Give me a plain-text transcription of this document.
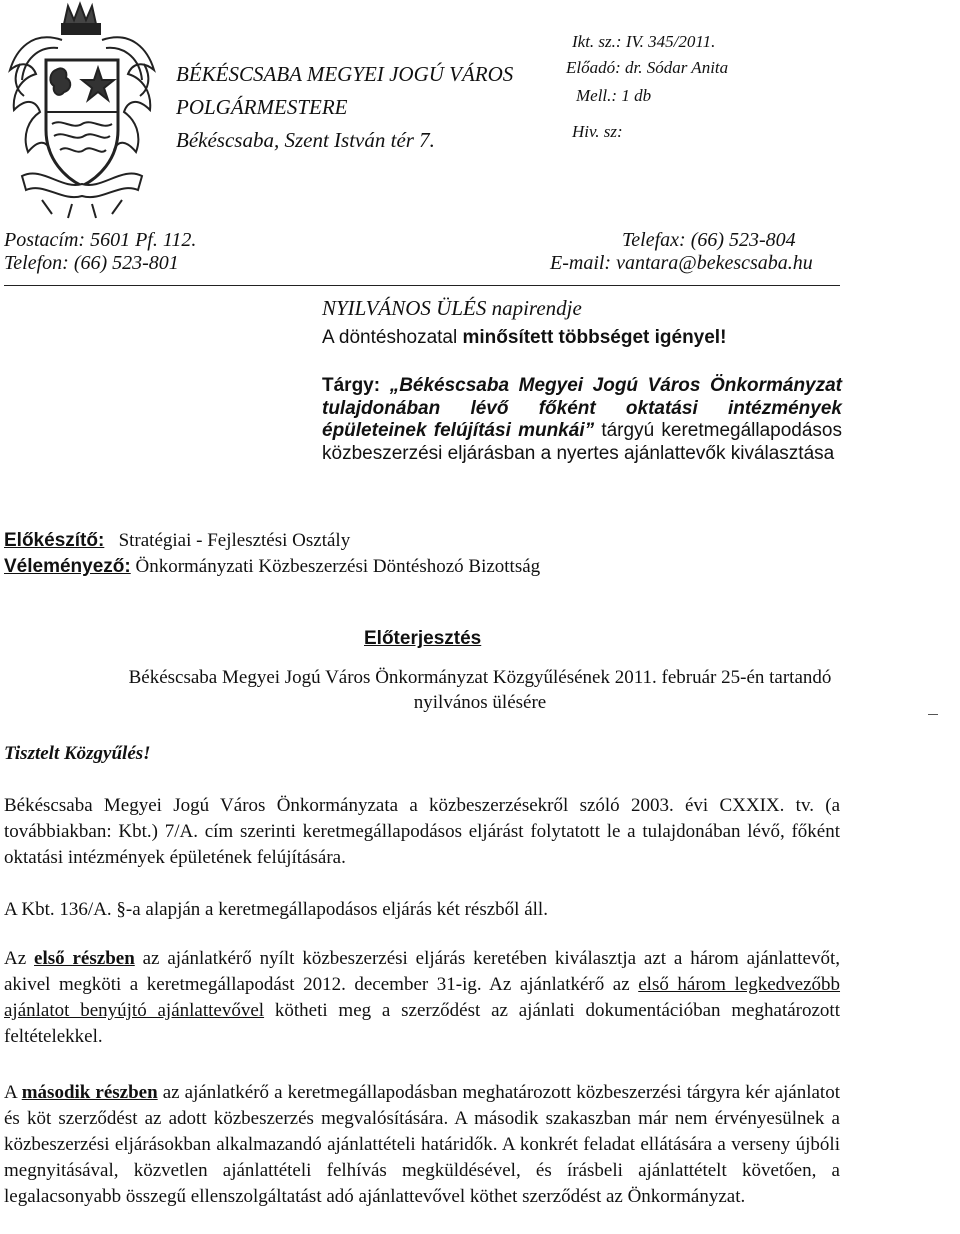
BÉKÉSCSABA MEGYEI JOGÚ VÁROS
POLGÁRMESTERE
Békéscsaba, Szent István tér 7.
Ikt. sz.: IV. 345/2011.
Előadó: dr. Sódar Anita
Mell.: 1 db
Hiv. sz:
Postacím: 5601 Pf. 112.
Telefon: (66) 523-801
Telefax: (66) 523-804
E-mail: vantara@bekescsaba.hu
NYILVÁNOS ÜLÉS napirendje
A döntéshozatal minősített többséget igényel!
Tárgy: „Békéscsaba Megyei Jogú Város Önkormányzat tulajdonában lévő főként oktatási intézmények épületeinek felújítási munkái” tárgyú keretmegállapodásos közbeszerzési eljárásban a nyertes ajánlattevők kiválasztása
Előkészítő: Stratégiai - Fejlesztési Osztály
Véleményező: Önkormányzati Közbeszerzési Döntéshozó Bizottság
Előterjesztés
Békéscsaba Megyei Jogú Város Önkormányzat Közgyűlésének 2011. február 25-én tartandó
nyilvános ülésére
Tisztelt Közgyűlés!
Békéscsaba Megyei Jogú Város Önkormányzata a közbeszerzésekről szóló 2003. évi CXXIX. tv. (a továbbiakban: Kbt.) 7/A. cím szerinti keretmegállapodásos eljárást folytatott le a tulajdonában lévő, főként oktatási intézmények épületének felújítására.
A Kbt. 136/A. §-a alapján a keretmegállapodásos eljárás két részből áll.
Az első részben az ajánlatkérő nyílt közbeszerzési eljárás keretében kiválasztja azt a három ajánlattevőt, akivel megköti a keretmegállapodást 2012. december 31-ig. Az ajánlatkérő az első három legkedvezőbb ajánlatot benyújtó ajánlattevővel kötheti meg a szerződést az ajánlati dokumentációban meghatározott feltételekkel.
A második részben az ajánlatkérő a keretmegállapodásban meghatározott közbeszerzési tárgyra kér ajánlatot és köt szerződést az adott közbeszerzés megvalósítására. A második szakaszban már nem érvényesülnek a közbeszerzési eljárásokban alkalmazandó ajánlattételi határidők. A konkrét feladat ellátására a verseny újbóli megnyitásával, közvetlen ajánlattételi felhívás megküldésével, és írásbeli ajánlattételt követően, a legalacsonyabb összegű ellenszolgáltatást adó ajánlattevővel köthet szerződést az Önkormányzat.
